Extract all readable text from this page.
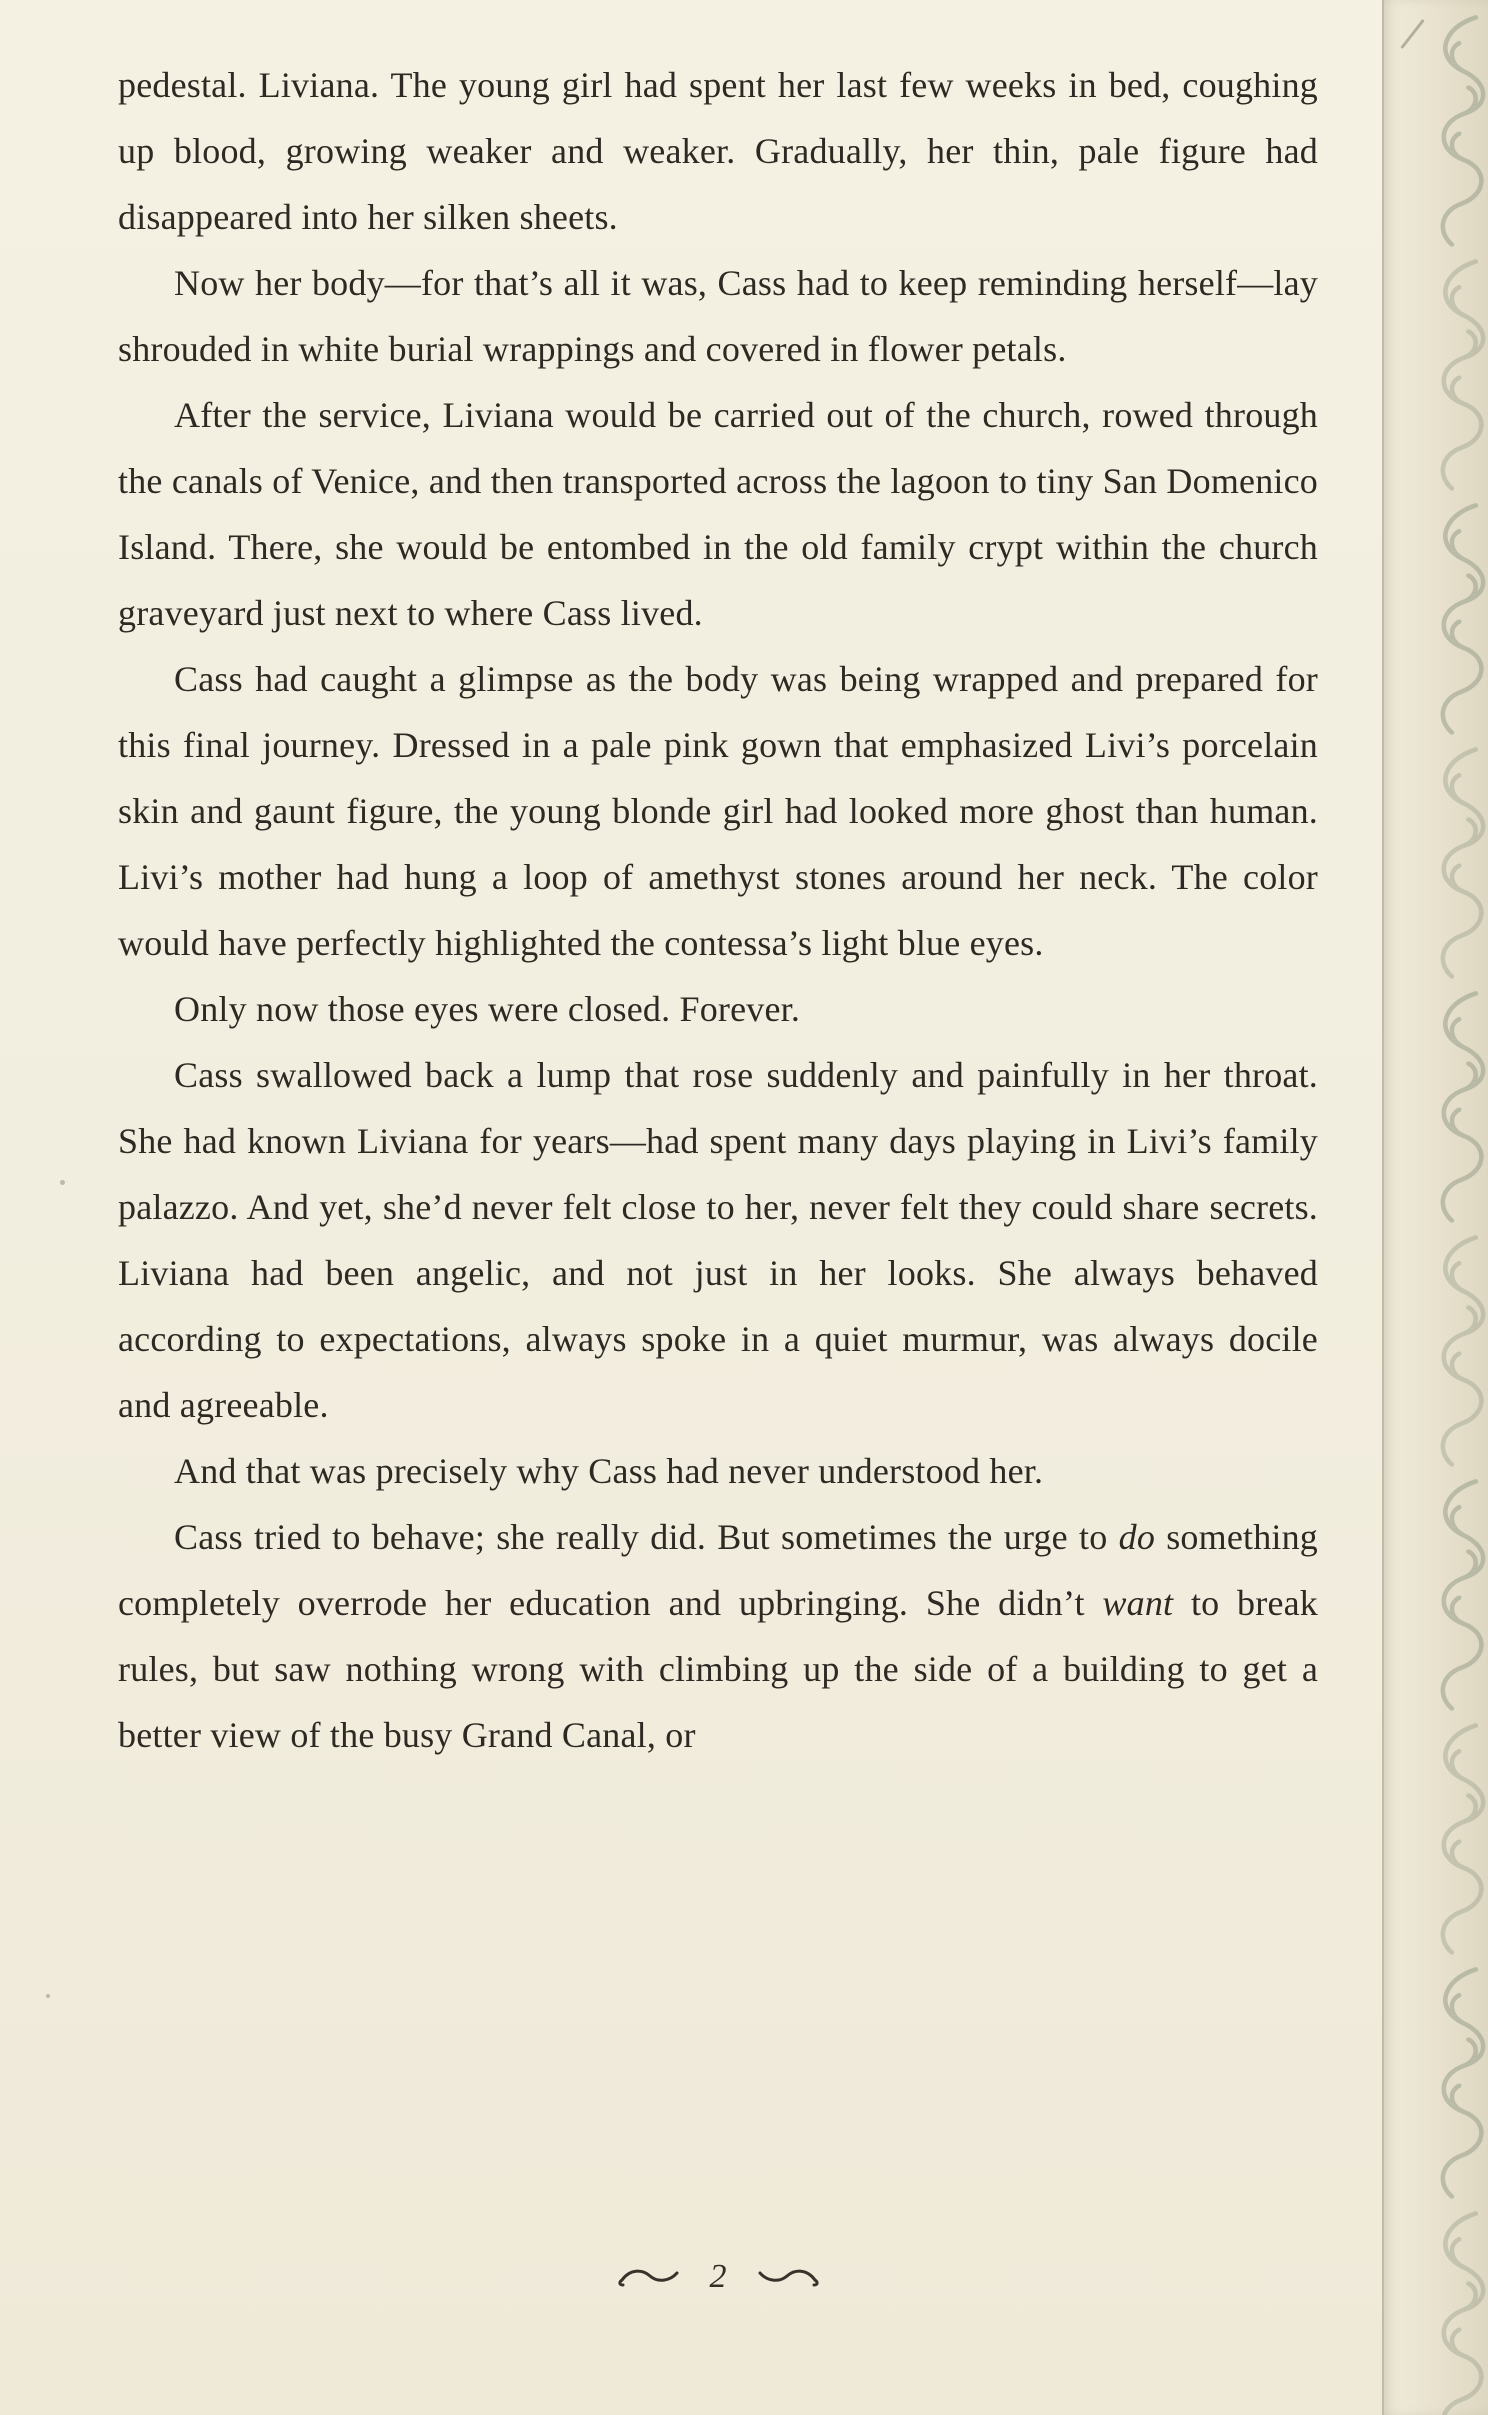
pedestal. Liviana. The young girl had spent her last few weeks in bed, coughing up blood, growing weaker and weaker. Gradually, her thin, pale figure had disappeared into her silken sheets.

Now her body—for that’s all it was, Cass had to keep reminding herself—lay shrouded in white burial wrappings and covered in flower petals.

After the service, Liviana would be carried out of the church, rowed through the canals of Venice, and then transported across the lagoon to tiny San Domenico Island. There, she would be entombed in the old family crypt within the church graveyard just next to where Cass lived.

Cass had caught a glimpse as the body was being wrapped and prepared for this final journey. Dressed in a pale pink gown that emphasized Livi’s porcelain skin and gaunt figure, the young blonde girl had looked more ghost than human. Livi’s mother had hung a loop of amethyst stones around her neck. The color would have perfectly highlighted the contessa’s light blue eyes.

Only now those eyes were closed. Forever.

Cass swallowed back a lump that rose suddenly and painfully in her throat. She had known Liviana for years—had spent many days playing in Livi’s family palazzo. And yet, she’d never felt close to her, never felt they could share secrets. Liviana had been angelic, and not just in her looks. She always behaved according to expectations, always spoke in a quiet murmur, was always docile and agreeable.

And that was precisely why Cass had never understood her.

Cass tried to behave; she really did. But sometimes the urge to do something completely overrode her education and upbringing. She didn’t want to break rules, but saw nothing wrong with climbing up the side of a building to get a better view of the busy Grand Canal, or

2
